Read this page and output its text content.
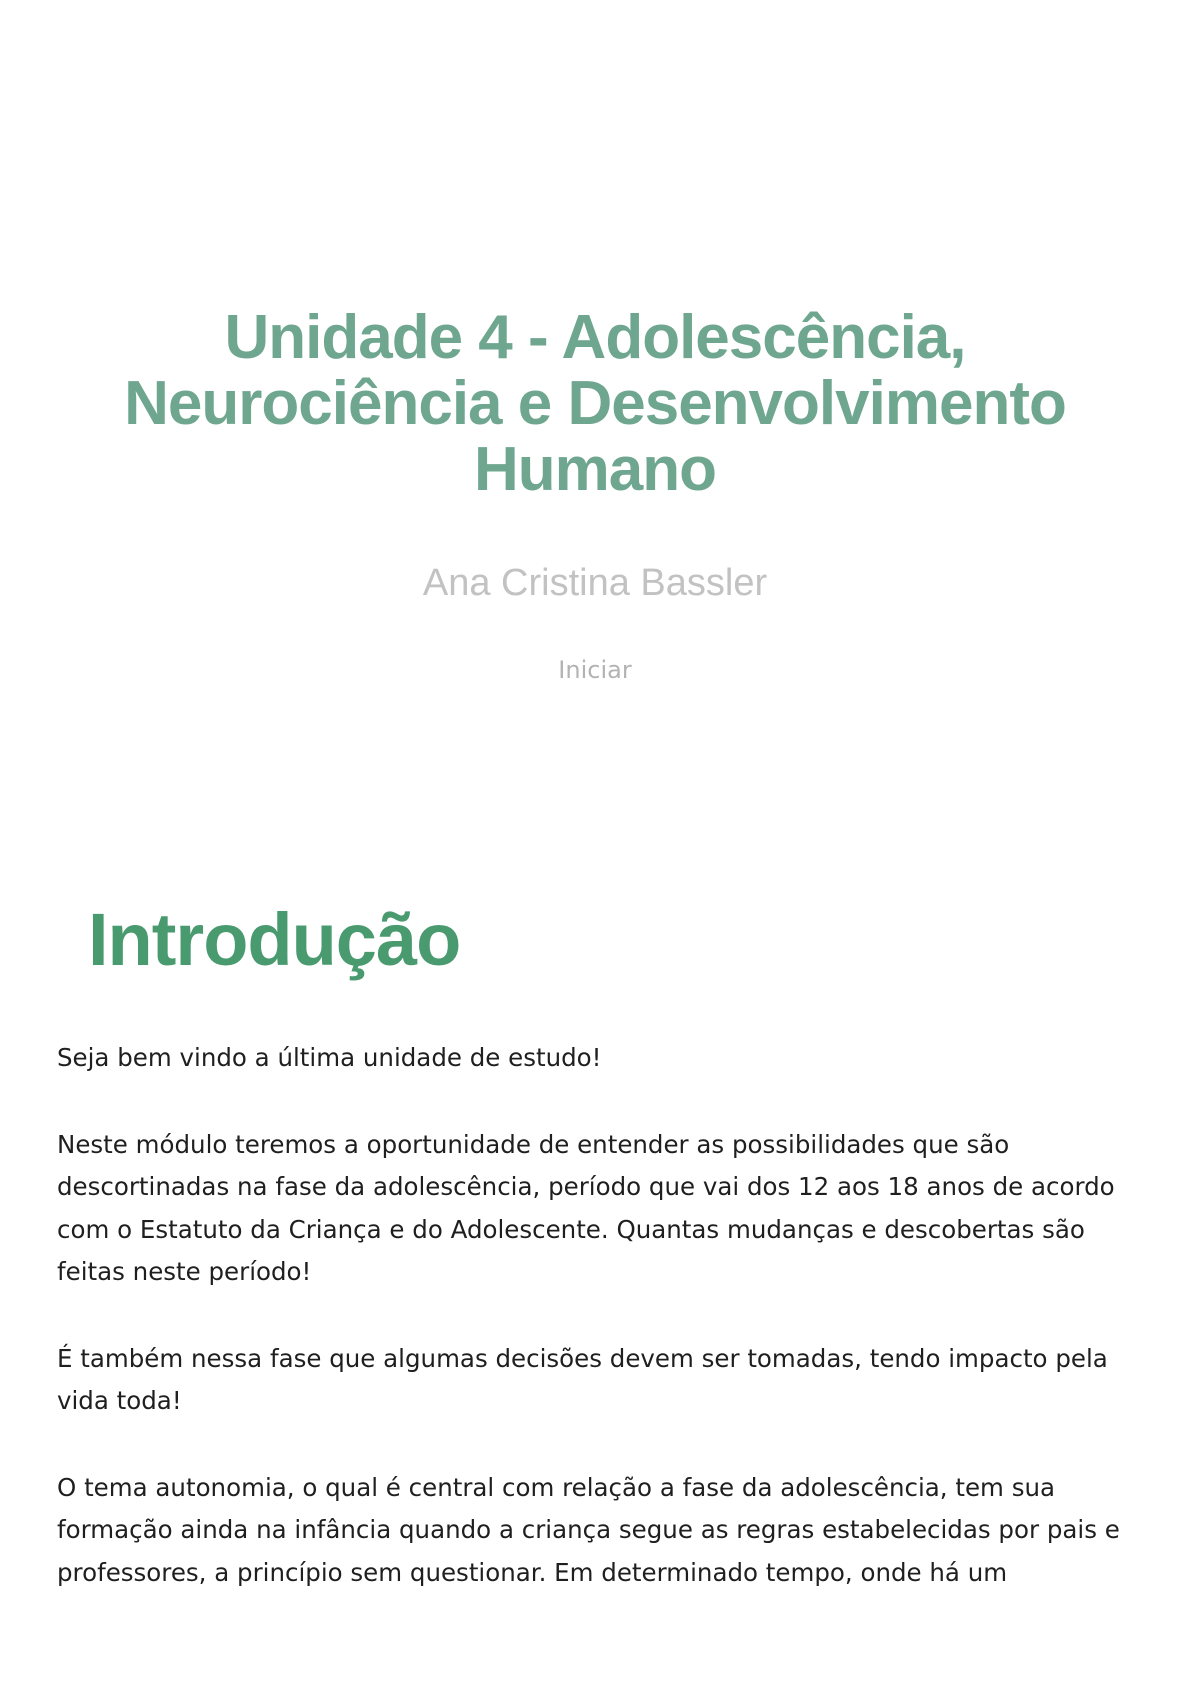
Unidade 4 - Adolescência,
Neurociência e Desenvolvimento
Humano
Ana Cristina Bassler
Iniciar
Introdução

Seja bem vindo a última unidade de estudo!

Neste módulo teremos a oportunidade de entender as possibilidades que são descortinadas na fase da adolescência, período que vai dos 12 aos 18 anos de acordo com o Estatuto da Criança e do Adolescente. Quantas mudanças e descobertas são feitas neste período!

É também nessa fase que algumas decisões devem ser tomadas, tendo impacto pela vida toda!

O tema autonomia, o qual é central com relação a fase da adolescência, tem sua formação ainda na infância quando a criança segue as regras estabelecidas por pais e professores, a princípio sem questionar. Em determinado tempo, onde há um
